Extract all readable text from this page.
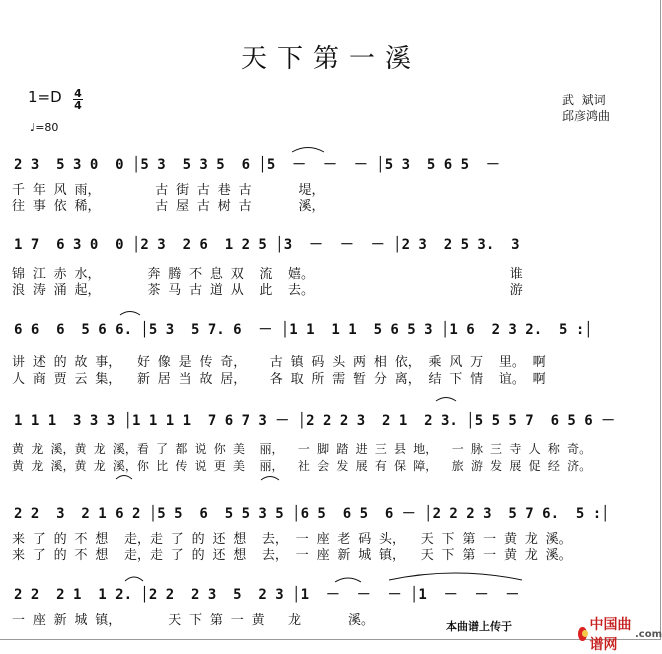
天下第一溪
1=D 4
4
♩=80
武  斌词
邱彦鸿曲
2 3  5 3 0  0 │5 3  5 3 5  6 │5  －  －  － │5 3  5 6 5  －
千 年 风 雨，       古 街 古 巷 古      堤，
往 事 依 稀，       古 屋 古 树 古      溪，
1 7  6 3 0  0 │2 3  2 6  1 2 5 │3  －  －  － │2 3  2 5 3.  3
锦 江 赤 水，      奔 腾 不 息 双  流  嬉。                         谁
浪 涛 涌 起，      茶 马 古 道 从  此  去。                         游
6 6  6  5 6 6. │5 3  5 7. 6  － │1 1  1 1  5 6 5 3 │1 6  2 3 2.  5 :│
讲 述 的 故 事，  好 像 是 传 奇，   古 镇 码 头 两 相 依， 乘 风 万  里。 啊
人 商 贾 云 集，  新 居 当 故 居，   各 取 所 需 暂 分 离， 结 下 情  谊。 啊
1 1 1  3 3 3 │1 1 1 1  7 6 7 3 － │2 2 2 3  2 1  2 3. │5 5 5 7  6 5 6 －
黄 龙 溪，黄 龙 溪，看 了 都 说 你 美  丽，  一 脚 踏 进 三 县 地，  一 脉 三 寺 人 称 奇。
黄 龙 溪，黄 龙 溪，你 比 传 说 更 美  丽，  社 会 发 展 有 保 障，  旅 游 发 展 促 经 济。
2 2  3  2 1 6 2 │5 5  6  5 5 3 5 │6 5  6 5  6 － │2 2 2 3  5 7 6.  5 :│
来 了 的 不 想  走，走 了 的 还 想  去， 一 座 老 码 头，  天 下 第 一 黄 龙 溪。
来 了 的 不 想  走，走 了 的 还 想  去， 一 座 新 城 镇，  天 下 第 一 黄 龙 溪。
2 2  2 1  1 2. │2 2  2 3  5  2 3 │1  －  －  － │1  －  －  －
一 座 新 城 镇，      天 下 第 一 黄   龙      溪。	本曲谱上传于	中国曲谱网
.com
